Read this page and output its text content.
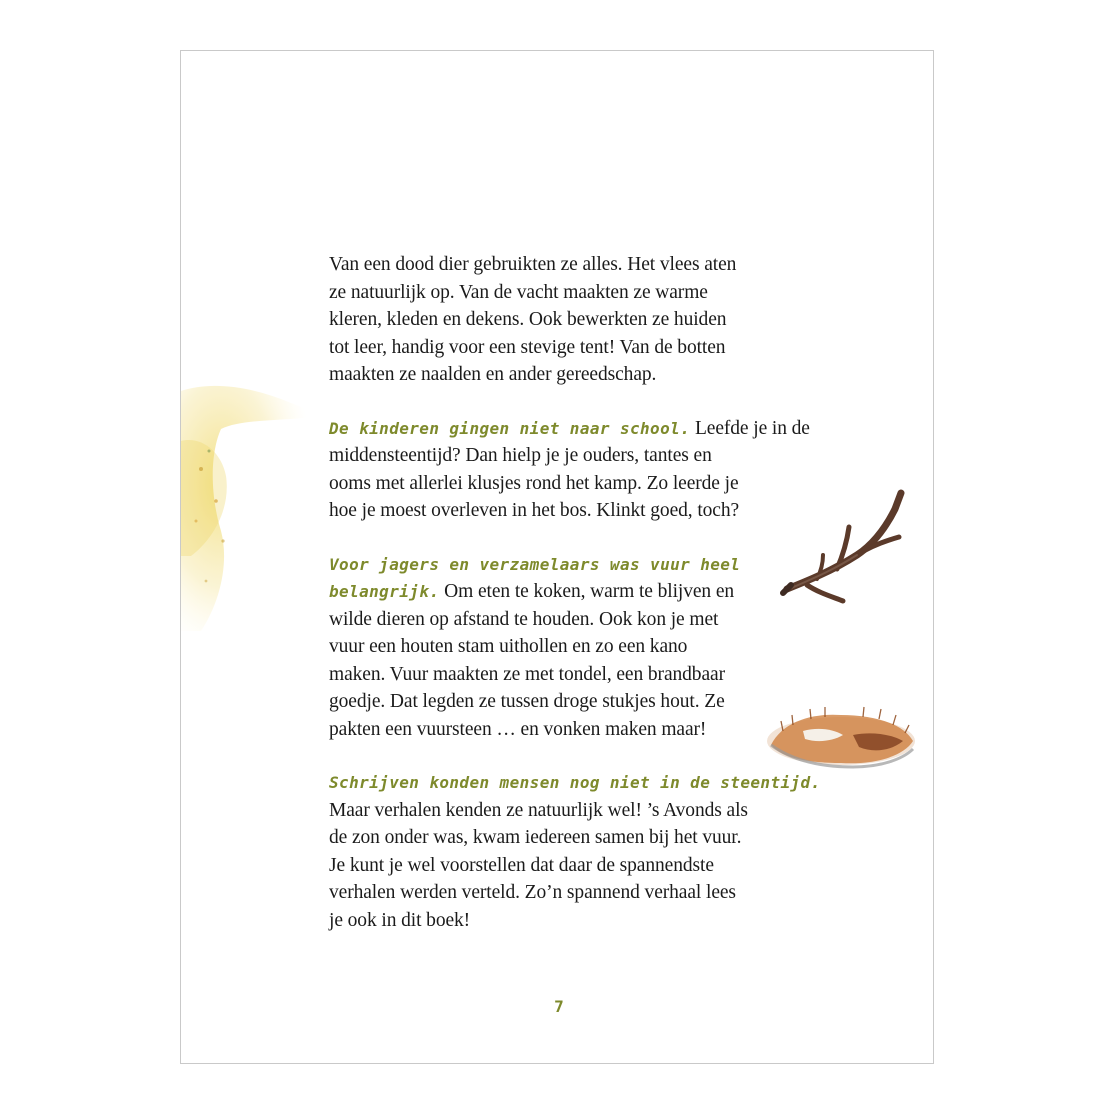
Van een dood dier gebruikten ze alles. Het vlees aten
ze natuurlijk op. Van de vacht maakten ze warme
kleren, kleden en dekens. Ook bewerkten ze huiden
tot leer, handig voor een stevige tent! Van de botten
maakten ze naalden en ander gereedschap.

De kinderen gingen niet naar school. Leefde je in de
middensteentijd? Dan hielp je je ouders, tantes en
ooms met allerlei klusjes rond het kamp. Zo leerde je
hoe je moest overleven in het bos. Klinkt goed, toch?

Voor jagers en verzamelaars was vuur heel
belangrijk. Om eten te koken, warm te blijven en
wilde dieren op afstand te houden. Ook kon je met
vuur een houten stam uithollen en zo een kano
maken. Vuur maakten ze met tondel, een brandbaar
goedje. Dat legden ze tussen droge stukjes hout. Ze
pakten een vuursteen … en vonken maken maar!

Schrijven konden mensen nog niet in de steentijd.
Maar verhalen kenden ze natuurlijk wel! ’s Avonds als
de zon onder was, kwam iedereen samen bij het vuur.
Je kunt je wel voorstellen dat daar de spannendste
verhalen werden verteld. Zo’n spannend verhaal lees
je ook in dit boek!

7
